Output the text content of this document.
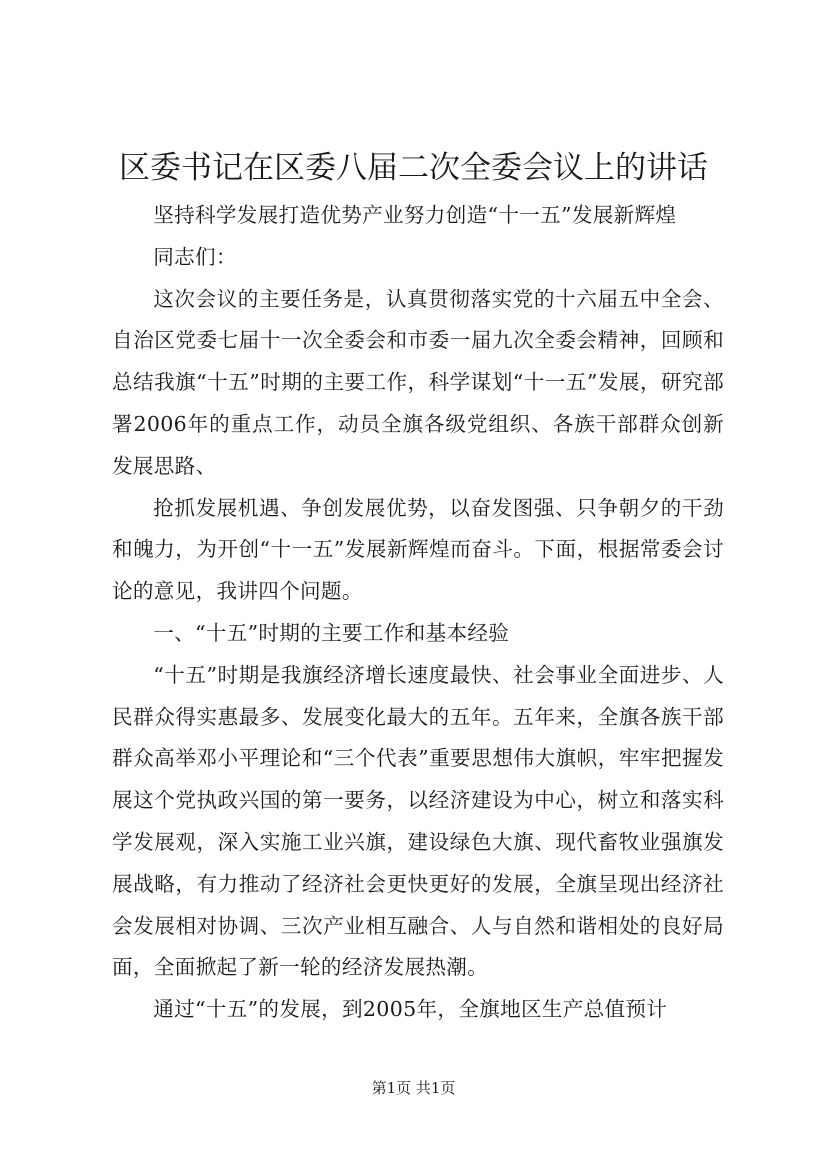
区委书记在区委八届二次全委会议上的讲话

坚持科学发展打造优势产业努力创造“十一五”发展新辉煌

同志们：

这次会议的主要任务是，认真贯彻落实党的十六届五中全会、自治区党委七届十一次全委会和市委一届九次全委会精神，回顾和总结我旗“十五”时期的主要工作，科学谋划“十一五”发展，研究部署2006年的重点工作，动员全旗各级党组织、各族干部群众创新发展思路、

抢抓发展机遇、争创发展优势，以奋发图强、只争朝夕的干劲和魄力，为开创“十一五”发展新辉煌而奋斗。下面，根据常委会讨论的意见，我讲四个问题。

一、“十五”时期的主要工作和基本经验

“十五”时期是我旗经济增长速度最快、社会事业全面进步、人民群众得实惠最多、发展变化最大的五年。五年来，全旗各族干部群众高举邓小平理论和“三个代表”重要思想伟大旗帜，牢牢把握发展这个党执政兴国的第一要务，以经济建设为中心，树立和落实科学发展观，深入实施工业兴旗，建设绿色大旗、现代畜牧业强旗发展战略，有力推动了经济社会更快更好的发展，全旗呈现出经济社会发展相对协调、三次产业相互融合、人与自然和谐相处的良好局面，全面掀起了新一轮的经济发展热潮。

通过“十五”的发展，到2005年，全旗地区生产总值预计

第1页 共1页
